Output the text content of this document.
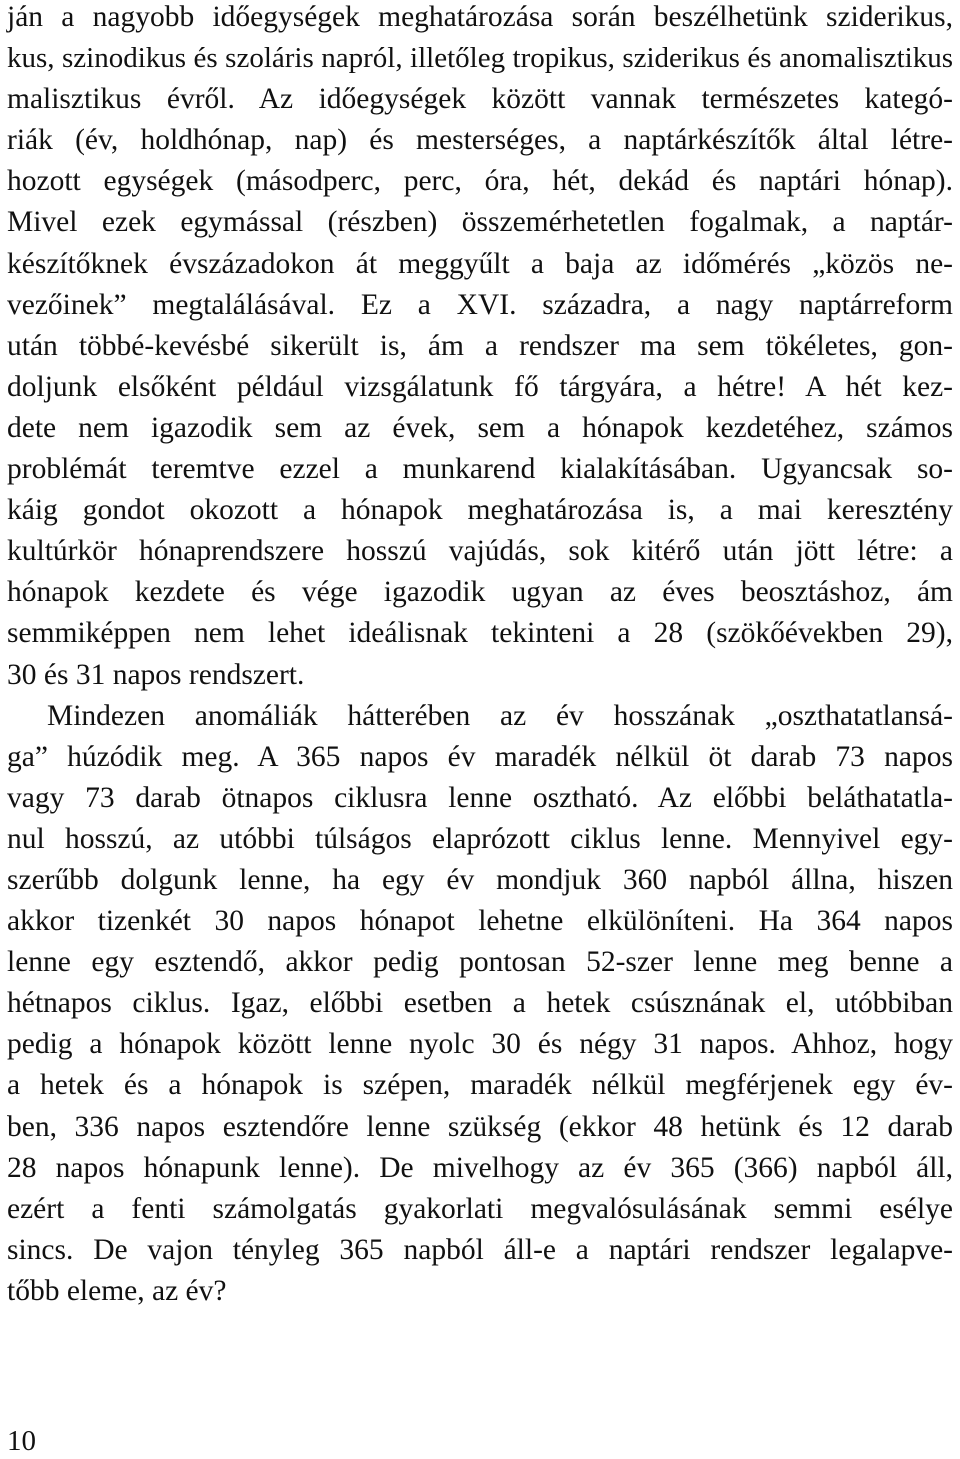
ján a nagyobb időegységek meghatározása során beszélhetünk sziderikus,
kus, szinodikus és szoláris napról, illetőleg tropikus, sziderikus és anomalisztikus
malisztikus évről. Az időegységek között vannak természetes kategó-
riák (év, holdhónap, nap) és mesterséges, a naptárkészítők által létre-
hozott egységek (másodperc, perc, óra, hét, dekád és naptári hónap).
Mivel ezek egymással (részben) összemérhetetlen fogalmak, a naptár-
készítőknek évszázadokon át meggyűlt a baja az időmérés „közös ne-
vezőinek” megtalálásával. Ez a XVI. századra, a nagy naptárreform
után többé-kevésbé sikerült is, ám a rendszer ma sem tökéletes, gon-
doljunk elsőként például vizsgálatunk fő tárgyára, a hétre! A hét kez-
dete nem igazodik sem az évek, sem a hónapok kezdetéhez, számos
problémát teremtve ezzel a munkarend kialakításában. Ugyancsak so-
káig gondot okozott a hónapok meghatározása is, a mai keresztény
kultúrkör hónaprendszere hosszú vajúdás, sok kitérő után jött létre: a
hónapok kezdete és vége igazodik ugyan az éves beosztáshoz, ám
semmiképpen nem lehet ideálisnak tekinteni a 28 (szökőévekben 29),
30 és 31 napos rendszert.
Mindezen anomáliák hátterében az év hosszának „oszthatatlansá-
ga” húzódik meg. A 365 napos év maradék nélkül öt darab 73 napos
vagy 73 darab ötnapos ciklusra lenne osztható. Az előbbi beláthatatla-
nul hosszú, az utóbbi túlságos elaprózott ciklus lenne. Mennyivel egy-
szerűbb dolgunk lenne, ha egy év mondjuk 360 napból állna, hiszen
akkor tizenkét 30 napos hónapot lehetne elkülöníteni. Ha 364 napos
lenne egy esztendő, akkor pedig pontosan 52-szer lenne meg benne a
hétnapos ciklus. Igaz, előbbi esetben a hetek csúsznának el, utóbbiban
pedig a hónapok között lenne nyolc 30 és négy 31 napos. Ahhoz, hogy
a hetek és a hónapok is szépen, maradék nélkül megférjenek egy év-
ben, 336 napos esztendőre lenne szükség (ekkor 48 hetünk és 12 darab
28 napos hónapunk lenne). De mivelhogy az év 365 (366) napból áll,
ezért a fenti számolgatás gyakorlati megvalósulásának semmi esélye
sincs. De vajon tényleg 365 napból áll-e a naptári rendszer legalapve-
tőbb eleme, az év?
10
